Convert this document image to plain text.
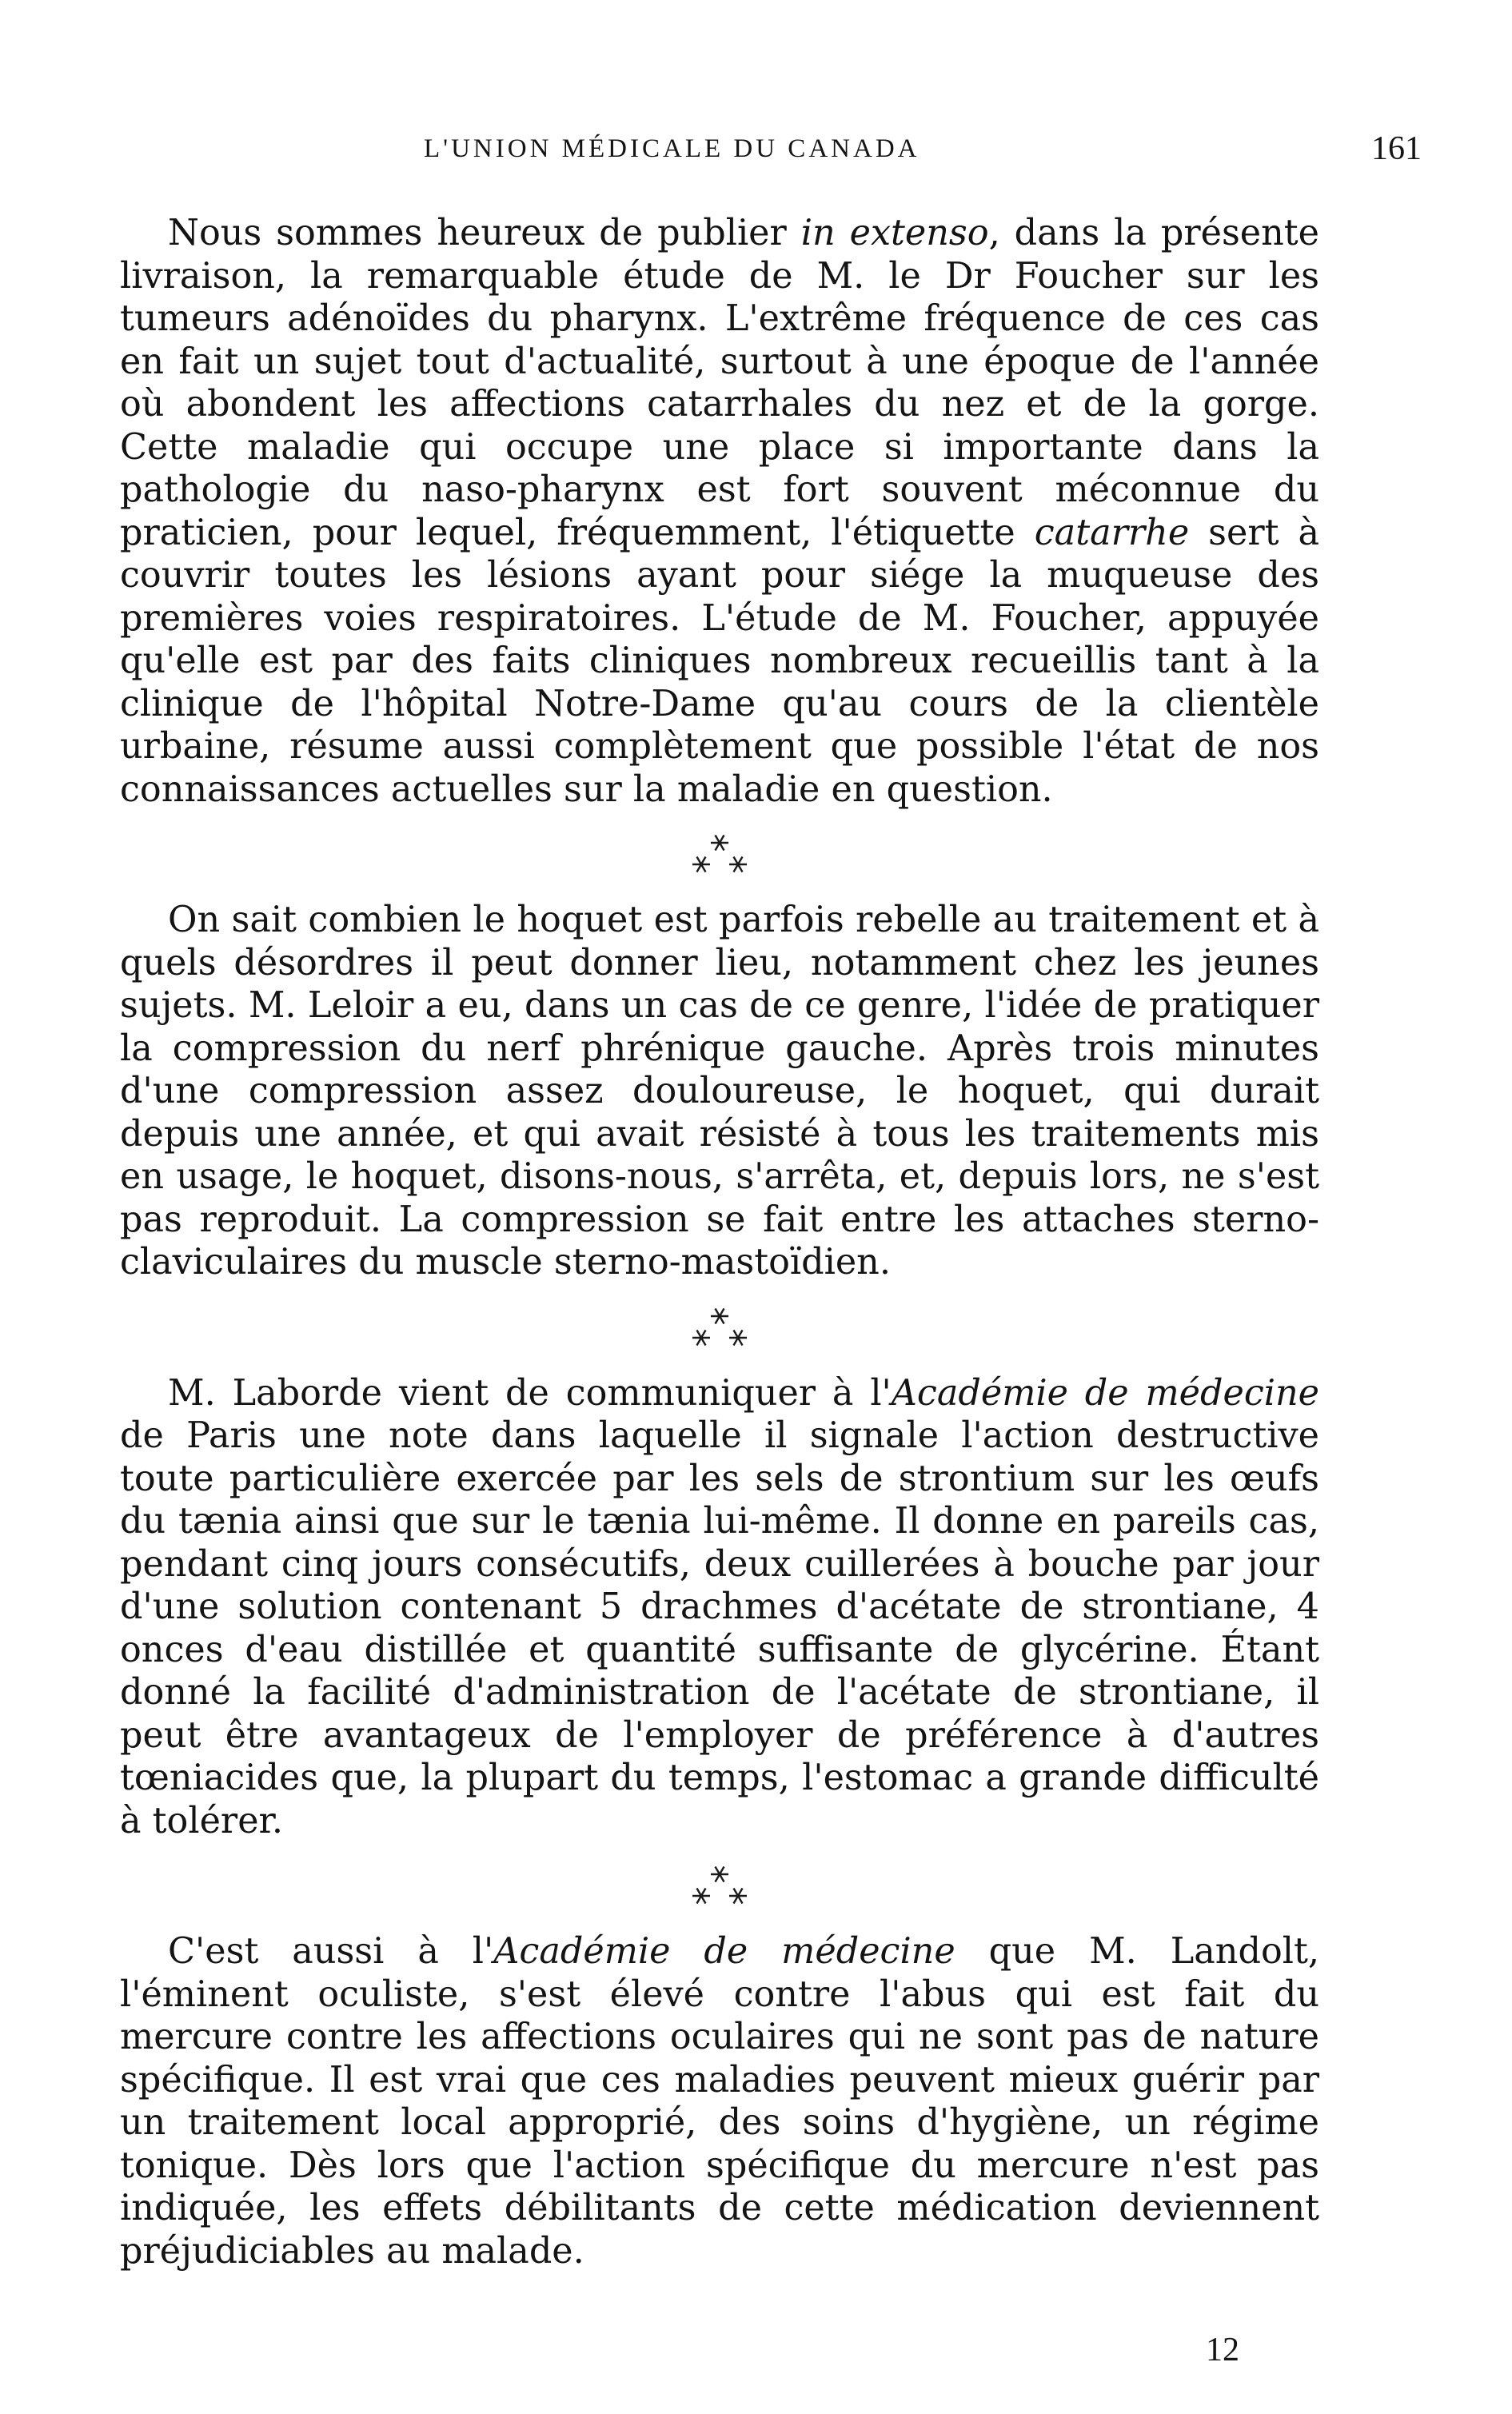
L'UNION MÉDICALE DU CANADA	161

Nous sommes heureux de publier in extenso, dans la présente livraison, la remarquable étude de M. le Dr Foucher sur les tumeurs adénoïdes du pharynx. L'extrême fréquence de ces cas en fait un sujet tout d'actualité, surtout à une époque de l'année où abondent les affections catarrhales du nez et de la gorge. Cette maladie qui occupe une place si importante dans la pathologie du naso-pharynx est fort souvent méconnue du praticien, pour lequel, fréquemment, l'étiquette catarrhe sert à couvrir toutes les lésions ayant pour siége la muqueuse des premières voies respiratoires. L'étude de M. Foucher, appuyée qu'elle est par des faits cliniques nombreux recueillis tant à la clinique de l'hôpital Notre-Dame qu'au cours de la clientèle urbaine, résume aussi complètement que possible l'état de nos connaissances actuelles sur la maladie en question.

On sait combien le hoquet est parfois rebelle au traitement et à quels désordres il peut donner lieu, notamment chez les jeunes sujets. M. Leloir a eu, dans un cas de ce genre, l'idée de pratiquer la compression du nerf phrénique gauche. Après trois minutes d'une compression assez douloureuse, le hoquet, qui durait depuis une année, et qui avait résisté à tous les traitements mis en usage, le hoquet, disons-nous, s'arrêta, et, depuis lors, ne s'est pas reproduit. La compression se fait entre les attaches sterno-claviculaires du muscle sterno-mastoïdien.

M. Laborde vient de communiquer à l'Académie de médecine de Paris une note dans laquelle il signale l'action destructive toute particulière exercée par les sels de strontium sur les œufs du tænia ainsi que sur le tænia lui-même. Il donne en pareils cas, pendant cinq jours consécutifs, deux cuillerées à bouche par jour d'une solution contenant 5 drachmes d'acétate de strontiane, 4 onces d'eau distillée et quantité suffisante de glycérine. Étant donné la facilité d'administration de l'acétate de strontiane, il peut être avantageux de l'employer de préférence à d'autres tœniacides que, la plupart du temps, l'estomac a grande difficulté à tolérer.

C'est aussi à l'Académie de médecine que M. Landolt, l'éminent oculiste, s'est élevé contre l'abus qui est fait du mercure contre les affections oculaires qui ne sont pas de nature spécifique. Il est vrai que ces maladies peuvent mieux guérir par un traitement local approprié, des soins d'hygiène, un régime tonique. Dès lors que l'action spécifique du mercure n'est pas indiquée, les effets débilitants de cette médication deviennent préjudiciables au malade.

12
